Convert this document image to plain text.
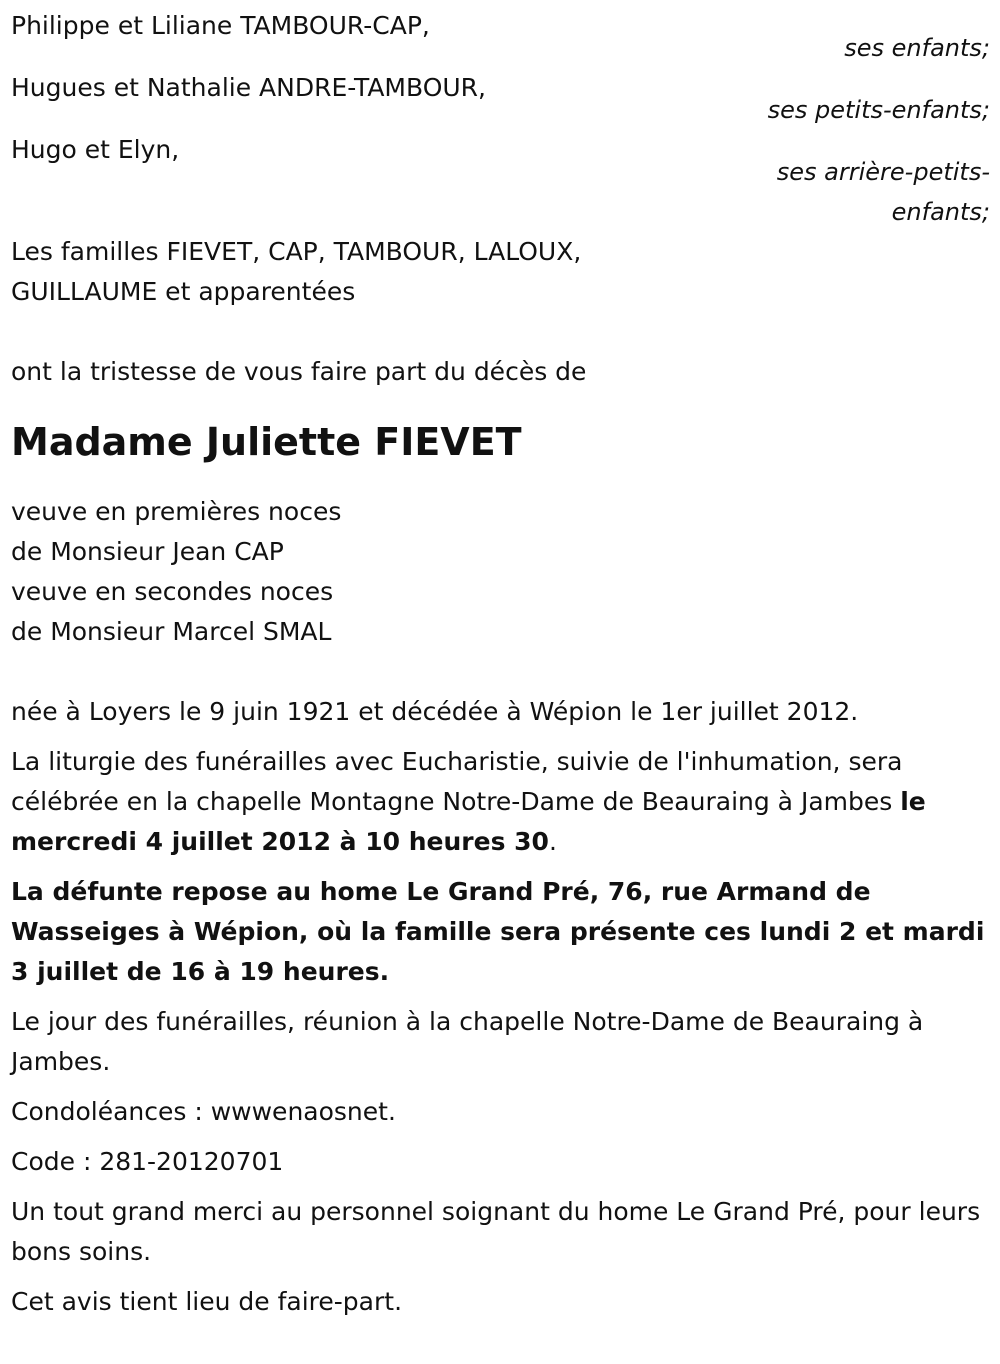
Philippe et Liliane TAMBOUR-CAP,
ses enfants;
Hugues et Nathalie ANDRE-TAMBOUR,
ses petits-enfants;
Hugo et Elyn,
ses arrière-petits-
enfants;

Les familles FIEVET, CAP, TAMBOUR, LALOUX,

GUILLAUME et apparentées

ont la tristesse de vous faire part du décès de

Madame Juliette FIEVET

veuve en premières noces

de Monsieur Jean CAP

veuve en secondes noces

de Monsieur Marcel SMAL

née à Loyers le 9 juin 1921 et décédée à Wépion le 1er juillet 2012.

La liturgie des funérailles avec Eucharistie, suivie de l'inhumation, sera célébrée en la chapelle Montagne Notre-Dame de Beauraing à Jambes le mercredi 4 juillet 2012 à 10 heures 30.

La défunte repose au home Le Grand Pré, 76, rue Armand de Wasseiges à Wépion, où la famille sera présente ces lundi 2 et mardi 3 juillet de 16 à 19 heures.

Le jour des funérailles, réunion à la chapelle Notre-Dame de Beauraing à Jambes.

Condoléances : wwwenaosnet.

Code : 281-20120701

Un tout grand merci au personnel soignant du home Le Grand Pré, pour leurs bons soins.

Cet avis tient lieu de faire-part.
